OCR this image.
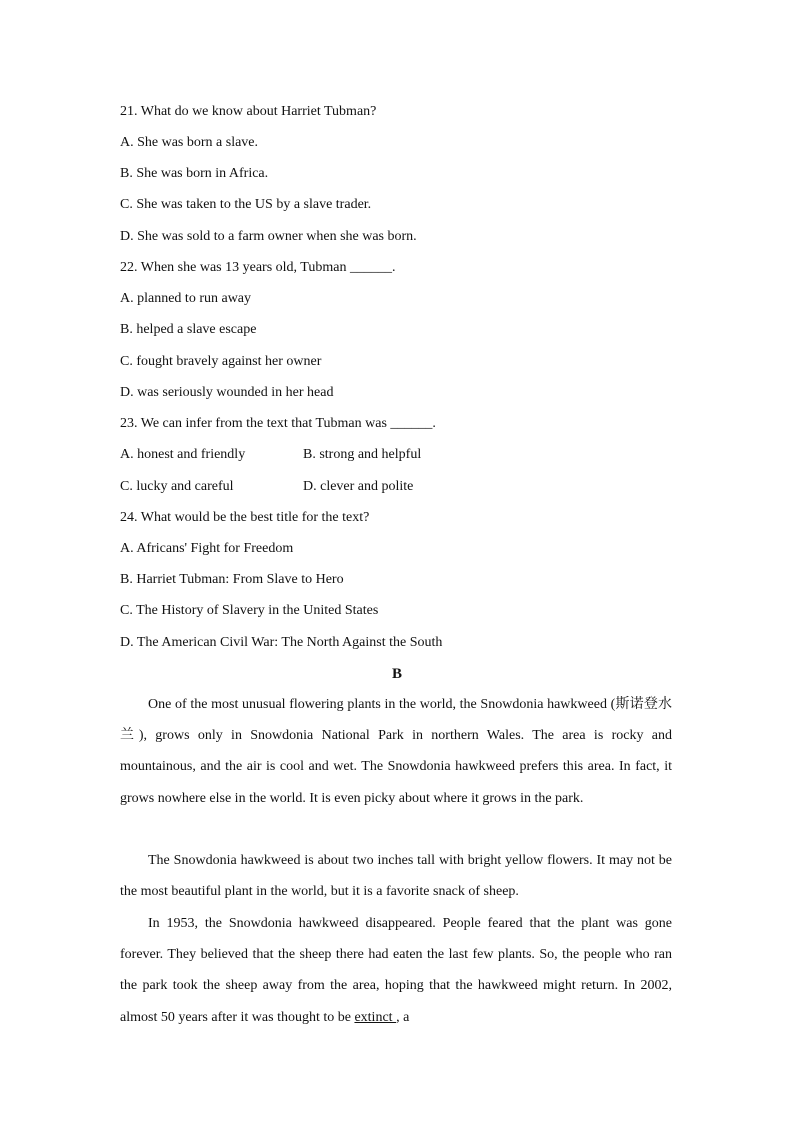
21. What do we know about Harriet Tubman?
A. She was born a slave.
B. She was born in Africa.
C. She was taken to the US by a slave trader.
D. She was sold to a farm owner when she was born.
22. When she was 13 years old, Tubman ______.
A. planned to run away
B. helped a slave escape
C. fought bravely against her owner
D. was seriously wounded in her head
23. We can infer from the text that Tubman was ______.
A. honest and friendly	B. strong and helpful
C. lucky and careful	D. clever and polite
24. What would be the best title for the text?
A. Africans' Fight for Freedom
B. Harriet Tubman: From Slave to Hero
C. The History of Slavery in the United States
D. The American Civil War: The North Against the South
B

One of the most unusual flowering plants in the world, the Snowdonia hawkweed (斯诺登水兰), grows only in Snowdonia National Park in northern Wales. The area is rocky and mountainous, and the air is cool and wet. The Snowdonia hawkweed prefers this area. In fact, it grows nowhere else in the world. It is even picky about where it grows in the park.

The Snowdonia hawkweed is about two inches tall with bright yellow flowers. It may not be the most beautiful plant in the world, but it is a favorite snack of sheep.

In 1953, the Snowdonia hawkweed disappeared. People feared that the plant was gone forever. They believed that the sheep there had eaten the last few plants. So, the people who ran the park took the sheep away from the area, hoping that the hawkweed might return. In 2002, almost 50 years after it was thought to be extinct , a
